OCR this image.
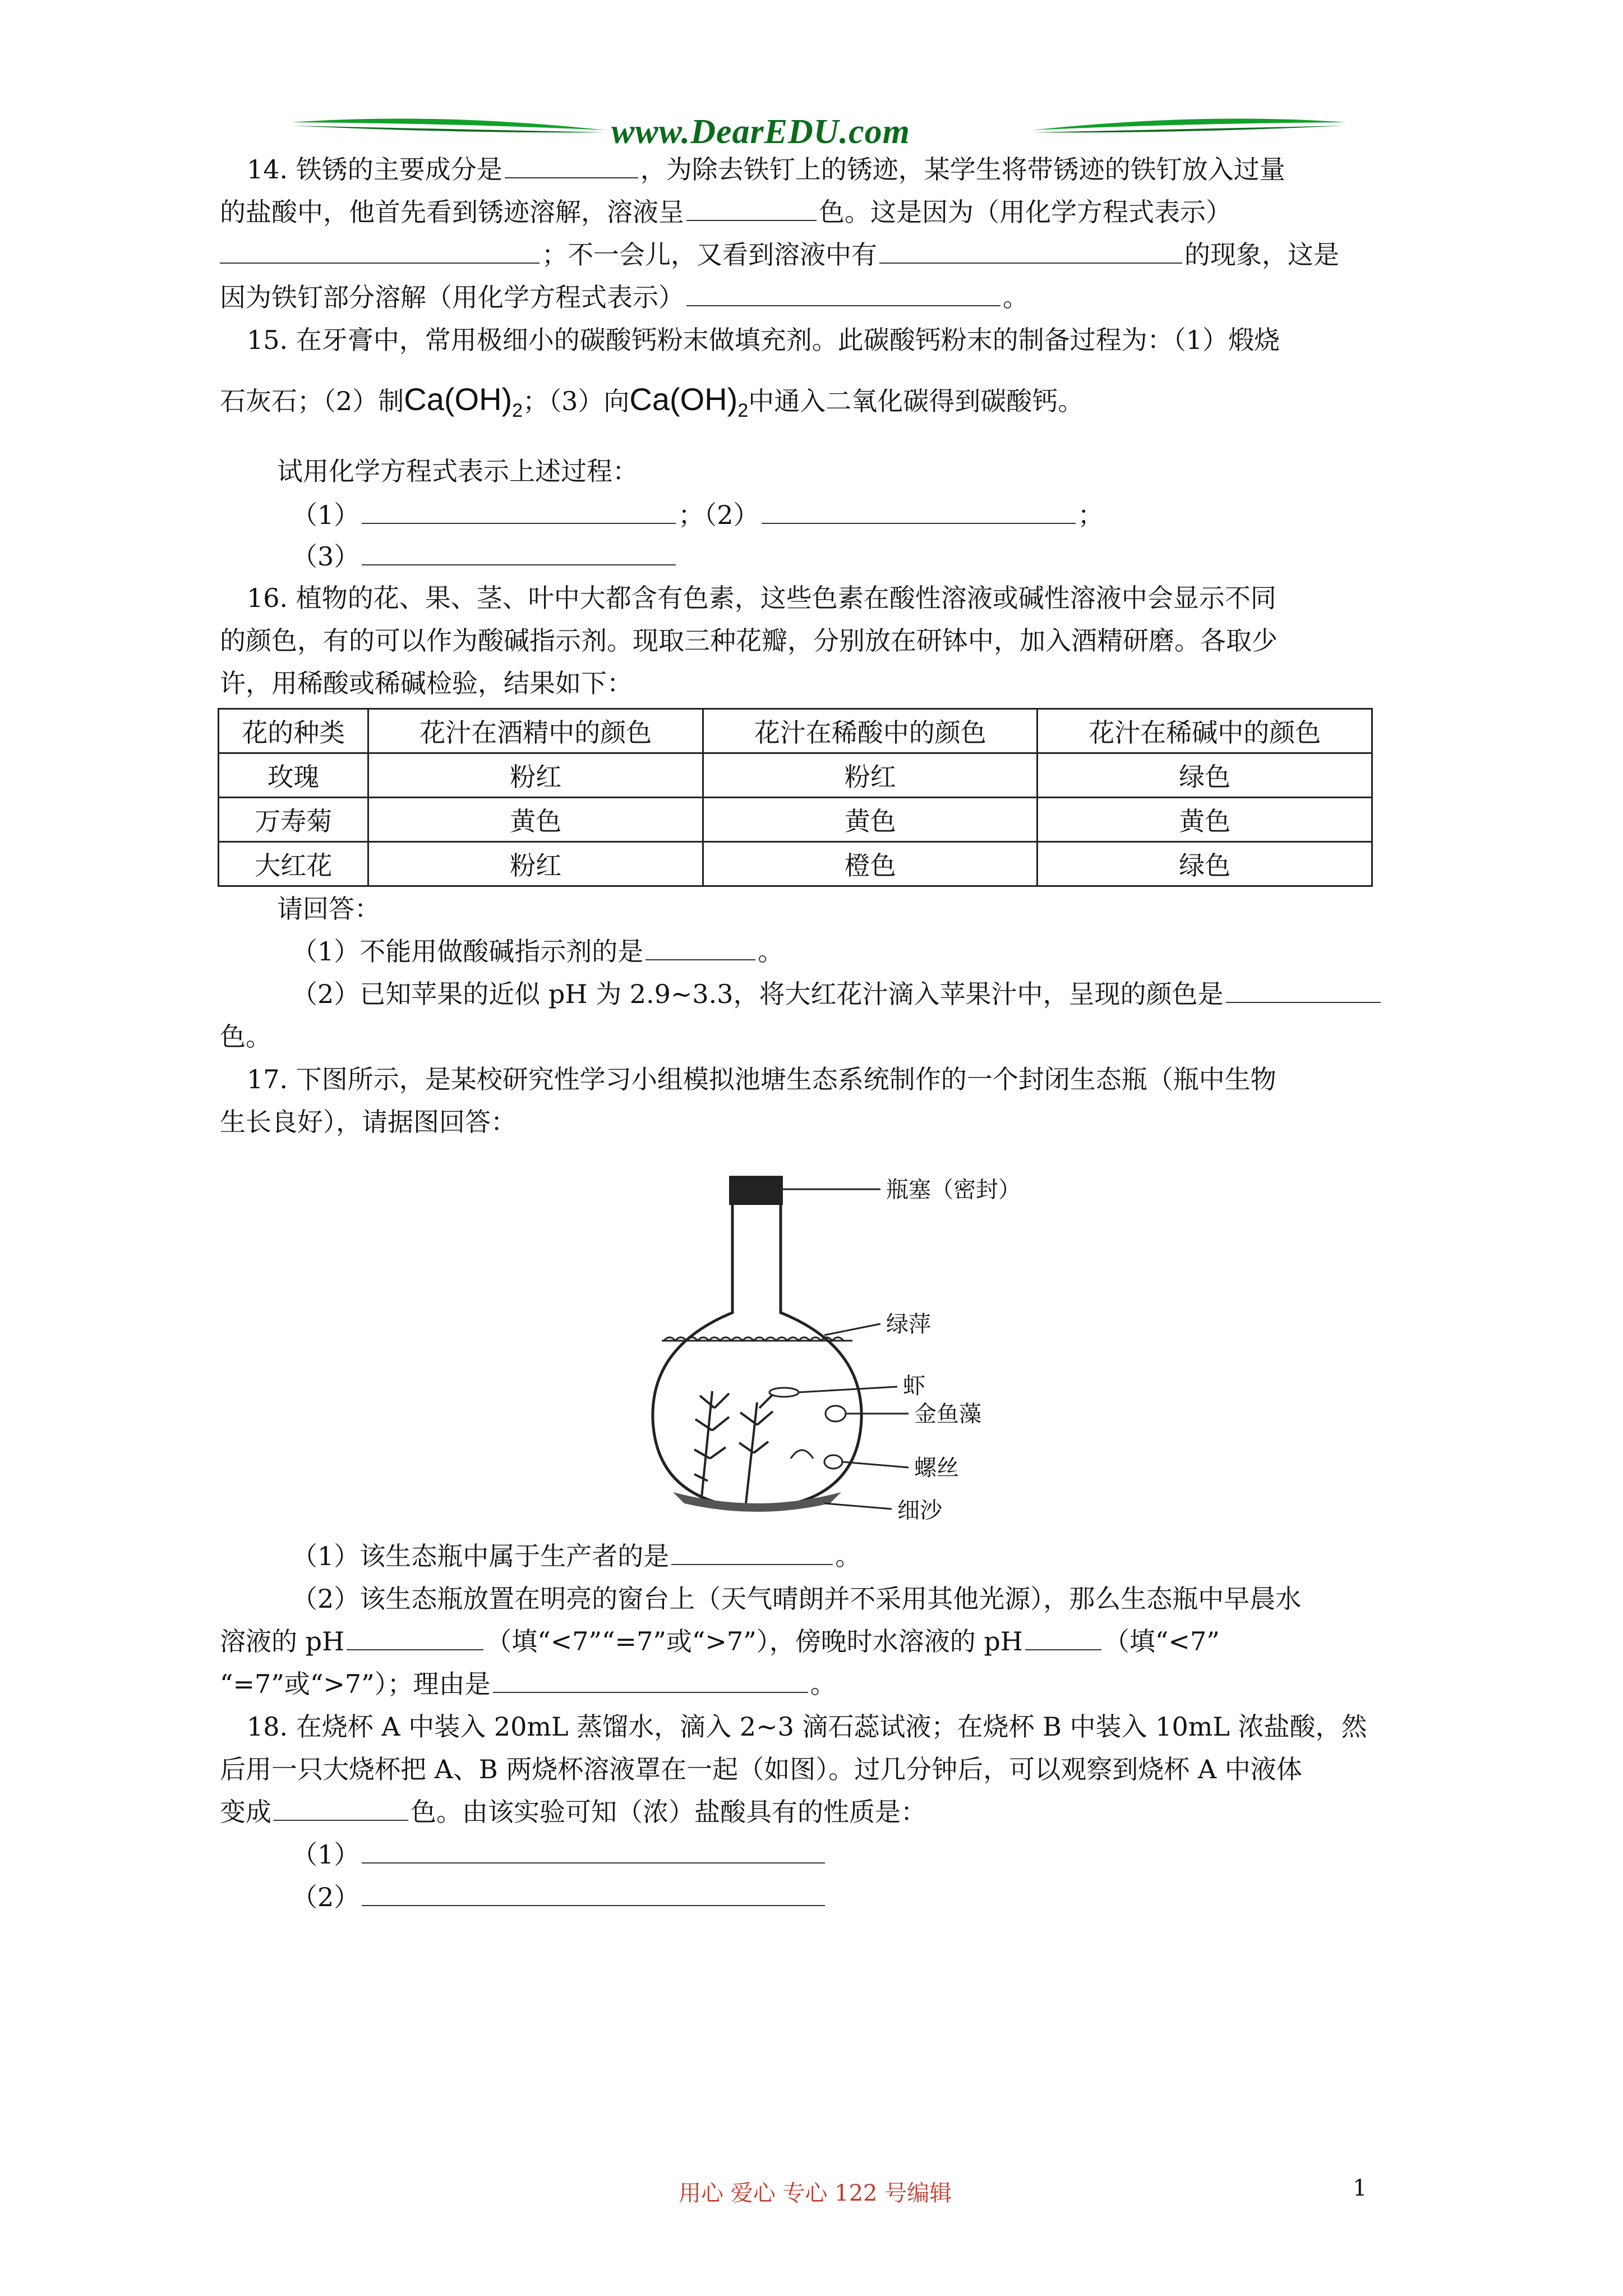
www.DearEDU.com
14. 铁锈的主要成分是	，为除去铁钉上的锈迹，某学生将带锈迹的铁钉放入过量
的盐酸中，他首先看到锈迹溶解，溶液呈	色。这是因为（用化学方程式表示）
；不一会儿，又看到溶液中有	的现象，这是
因为铁钉部分溶解（用化学方程式表示）	。
15. 在牙膏中，常用极细小的碳酸钙粉末做填充剂。此碳酸钙粉末的制备过程为：（1）煅烧
石灰石；（2）制$Ca(OH)_2$；（3）向$Ca(OH)_2$中通入二氧化碳得到碳酸钙。
试用化学方程式表示上述过程：
（1）	；（2）	；
（3）
16. 植物的花、果、茎、叶中大都含有色素，这些色素在酸性溶液或碱性溶液中会显示不同
的颜色，有的可以作为酸碱指示剂。现取三种花瓣，分别放在研钵中，加入酒精研磨。各取少
许，用稀酸或稀碱检验，结果如下：
花的种类	花汁在酒精中的颜色	花汁在稀酸中的颜色	花汁在稀碱中的颜色
玫瑰	粉红	粉红	绿色
万寿菊	黄色	黄色	黄色
大红花	粉红	橙色	绿色
请回答：
（1）不能用做酸碱指示剂的是	。
（2）已知苹果的近似 pH 为 2.9~3.3，将大红花汁滴入苹果汁中，呈现的颜色是
色。
17. 下图所示，是某校研究性学习小组模拟池塘生态系统制作的一个封闭生态瓶（瓶中生物
生长良好），请据图回答：
瓶塞（密封）
绿萍
虾
金鱼藻
螺丝
细沙
（1）该生态瓶中属于生产者的是	。
（2）该生态瓶放置在明亮的窗台上（天气晴朗并不采用其他光源），那么生态瓶中早晨水
溶液的 pH	（填“<7”“=7”或“>7”），傍晚时水溶液的 pH	（填“<7”
“=7”或“>7”）；理由是	。
18. 在烧杯 A 中装入 20mL 蒸馏水，滴入 2~3 滴石蕊试液；在烧杯 B 中装入 10mL 浓盐酸，然
后用一只大烧杯把 A、B 两烧杯溶液罩在一起（如图）。过几分钟后，可以观察到烧杯 A 中液体
变成	色。由该实验可知（浓）盐酸具有的性质是：
（1）
（2）
用心 爱心 专心 122 号编辑	1
